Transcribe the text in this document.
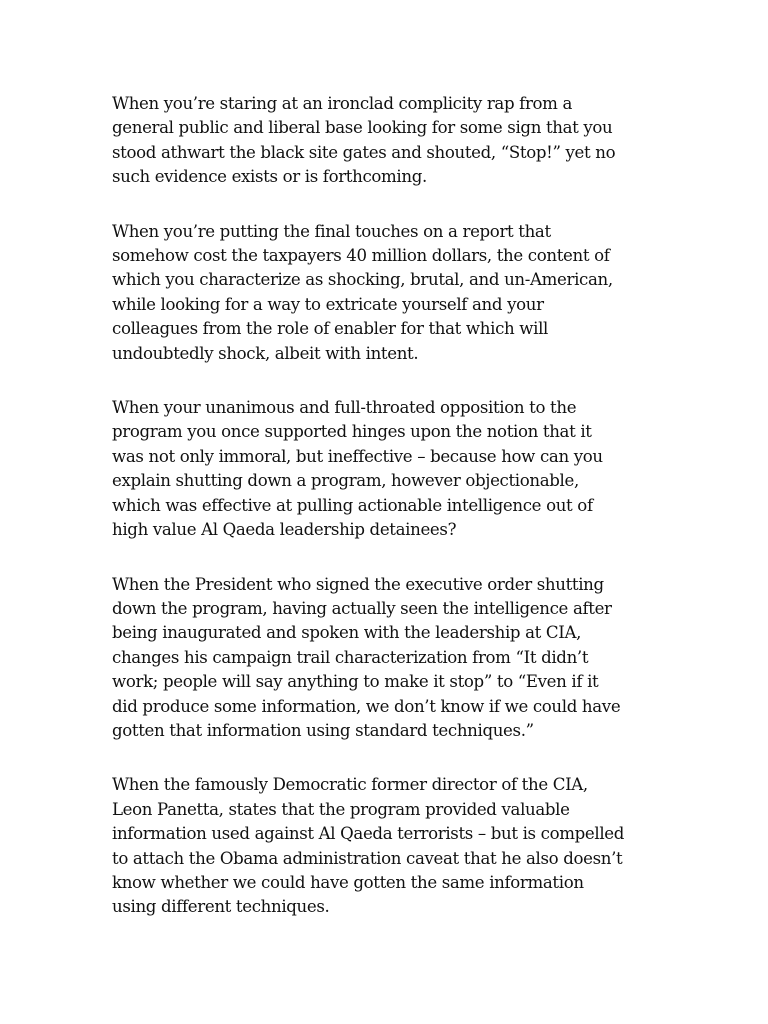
When you’re staring at an ironclad complicity rap from a
general public and liberal base looking for some sign that you
stood athwart the black site gates and shouted, “Stop!” yet no
such evidence exists or is forthcoming.

When you’re putting the final touches on a report that
somehow cost the taxpayers 40 million dollars, the content of
which you characterize as shocking, brutal, and un-American,
while looking for a way to extricate yourself and your
colleagues from the role of enabler for that which will
undoubtedly shock, albeit with intent.

When your unanimous and full-throated opposition to the
program you once supported hinges upon the notion that it
was not only immoral, but ineffective – because how can you
explain shutting down a program, however objectionable,
which was effective at pulling actionable intelligence out of
high value Al Qaeda leadership detainees?

When the President who signed the executive order shutting
down the program, having actually seen the intelligence after
being inaugurated and spoken with the leadership at CIA,
changes his campaign trail characterization from “It didn’t
work; people will say anything to make it stop” to “Even if it
did produce some information, we don’t know if we could have
gotten that information using standard techniques.”

When the famously Democratic former director of the CIA,
Leon Panetta, states that the program provided valuable
information used against Al Qaeda terrorists – but is compelled
to attach the Obama administration caveat that he also doesn’t
know whether we could have gotten the same information
using different techniques.
